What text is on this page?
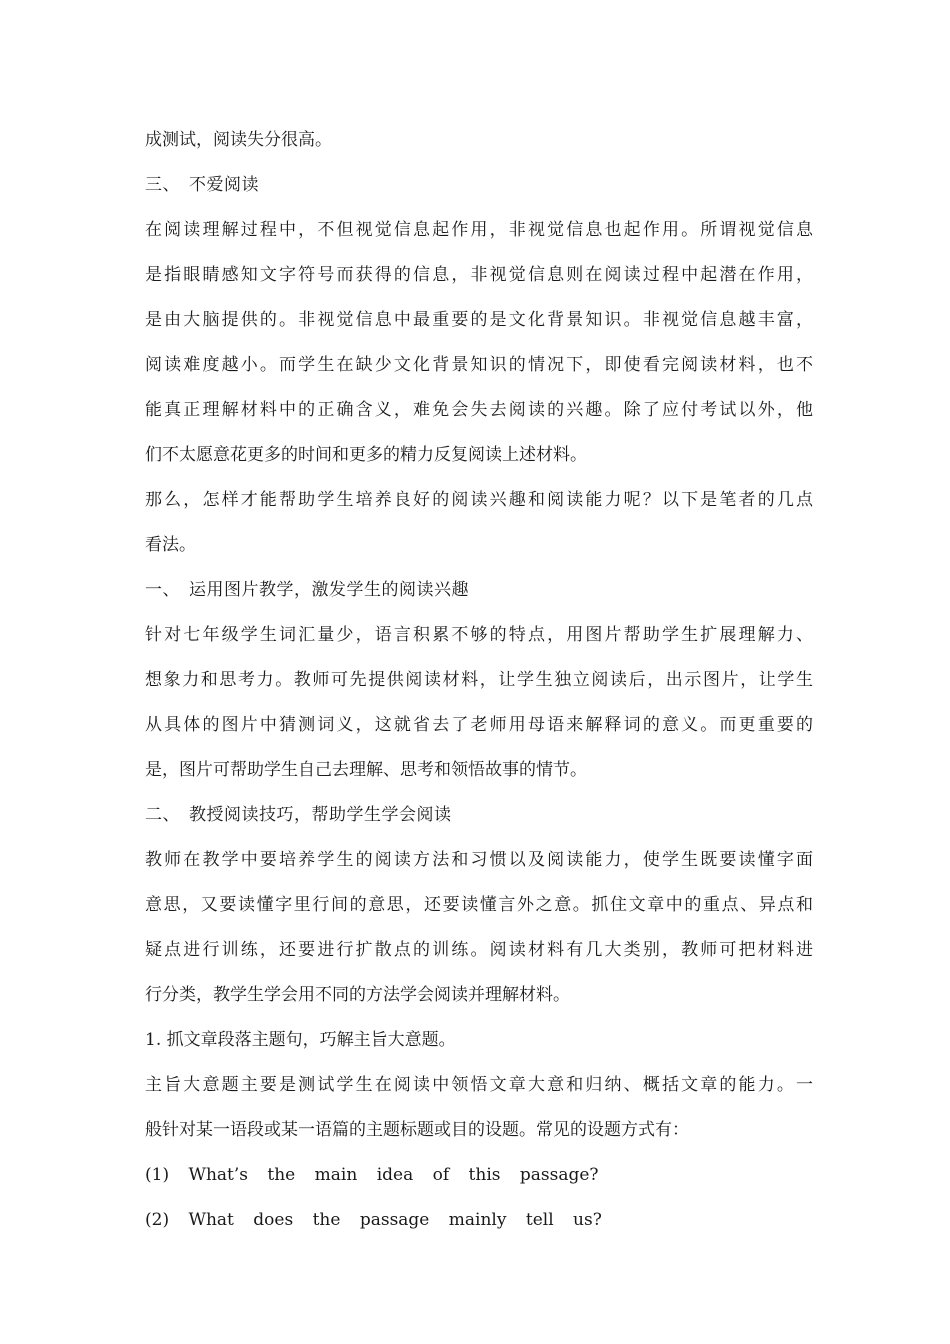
成测试，阅读失分很高。
三、　不爱阅读
在阅读理解过程中，不但视觉信息起作用，非视觉信息也起作用。所谓视觉信息
是指眼睛感知文字符号而获得的信息，非视觉信息则在阅读过程中起潜在作用，
是由大脑提供的。非视觉信息中最重要的是文化背景知识。非视觉信息越丰富，
阅读难度越小。而学生在缺少文化背景知识的情况下，即使看完阅读材料，也不
能真正理解材料中的正确含义，难免会失去阅读的兴趣。除了应付考试以外，他
们不太愿意花更多的时间和更多的精力反复阅读上述材料。
那么，怎样才能帮助学生培养良好的阅读兴趣和阅读能力呢？以下是笔者的几点
看法。
一、　运用图片教学，激发学生的阅读兴趣
针对七年级学生词汇量少，语言积累不够的特点，用图片帮助学生扩展理解力、
想象力和思考力。教师可先提供阅读材料，让学生独立阅读后，出示图片，让学生
从具体的图片中猜测词义，这就省去了老师用母语来解释词的意义。而更重要的
是，图片可帮助学生自己去理解、思考和领悟故事的情节。
二、　教授阅读技巧，帮助学生学会阅读
教师在教学中要培养学生的阅读方法和习惯以及阅读能力，使学生既要读懂字面
意思，又要读懂字里行间的意思，还要读懂言外之意。抓住文章中的重点、异点和
疑点进行训练，还要进行扩散点的训练。阅读材料有几大类别，教师可把材料进
行分类，教学生学会用不同的方法学会阅读并理解材料。
1. 抓文章段落主题句，巧解主旨大意题。
主旨大意题主要是测试学生在阅读中领悟文章大意和归纳、概括文章的能力。一
般针对某一语段或某一语篇的主题标题或目的设题。常见的设题方式有：
(1) What’s the main idea of this passage?
(2) What does the passage mainly tell us?
